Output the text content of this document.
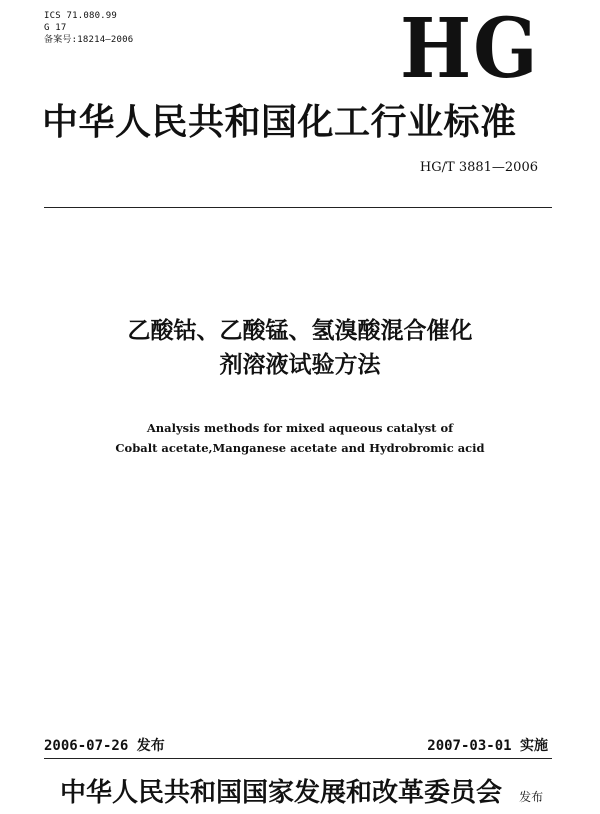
ICS 71.080.99
G 17
备案号:18214—2006	HG
中华人民共和国化工行业标准
HG/T 3881—2006
乙酸钴、乙酸锰、氢溴酸混合催化
剂溶液试验方法
Analysis methods for mixed aqueous catalyst of
Cobalt acetate,Manganese acetate and Hydrobromic acid
2006-07-26 发布	2007-03-01 实施
中华人民共和国国家发展和改革委员会 发布
